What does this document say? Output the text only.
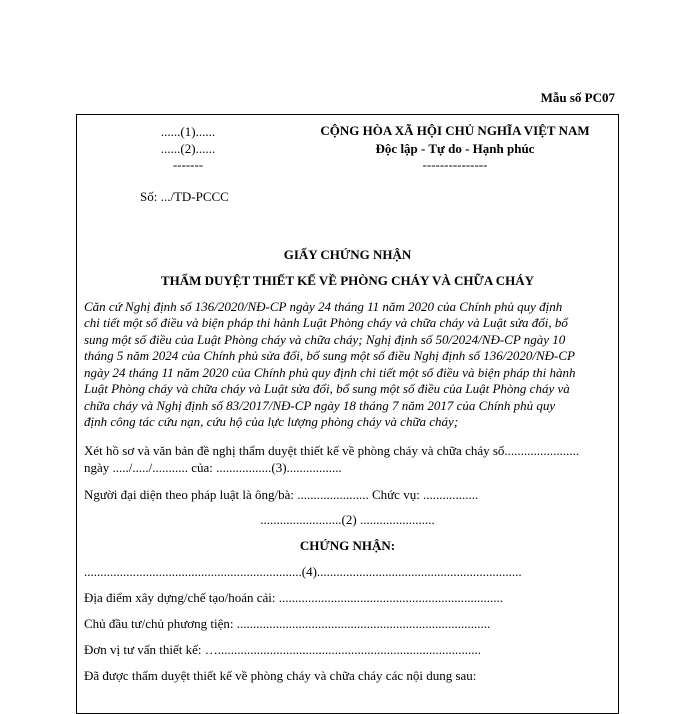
Mẫu số PC07
......(1)......
......(2)......
-------
Số: .../TD-PCCC
CỘNG HÒA XÃ HỘI CHỦ NGHĨA VIỆT NAM
Độc lập - Tự do - Hạnh phúc
---------------
GIẤY CHỨNG NHẬN
THẨM DUYỆT THIẾT KẾ VỀ PHÒNG CHÁY VÀ CHỮA CHÁY
Căn cứ Nghị định số 136/2020/NĐ-CP ngày 24 tháng 11 năm 2020 của Chính phủ quy định
chi tiết một số điều và biện pháp thi hành Luật Phòng cháy và chữa cháy và Luật sửa đổi, bổ
sung một số điều của Luật Phòng cháy và chữa cháy; Nghị định số 50/2024/NĐ-CP ngày 10
tháng 5 năm 2024 của Chính phủ sửa đổi, bổ sung một số điều Nghị định số 136/2020/NĐ-CP
ngày 24 tháng 11 năm 2020 của Chính phủ quy định chi tiết một số điều và biện pháp thi hành
Luật Phòng cháy và chữa cháy và Luật sửa đổi, bổ sung một số điều của Luật Phòng cháy và
chữa cháy và Nghị định số 83/2017/NĐ-CP ngày 18 tháng 7 năm 2017 của Chính phủ quy
định công tác cứu nạn, cứu hộ của lực lượng phòng cháy và chữa cháy;
Xét hồ sơ và văn bản đề nghị thẩm duyệt thiết kế về phòng cháy và chữa cháy số.......................
ngày ...../...../........... của: .................(3).................
Người đại diện theo pháp luật là ông/bà: ...................... Chức vụ: .................
.........................(2) .......................
CHỨNG NHẬN:
...................................................................(4)...............................................................
Địa điểm xây dựng/chế tạo/hoán cải: .....................................................................
Chủ đầu tư/chủ phương tiện: ..............................................................................
Đơn vị tư vấn thiết kế: ….................................................................................
Đã được thẩm duyệt thiết kế về phòng cháy và chữa cháy các nội dung sau:
